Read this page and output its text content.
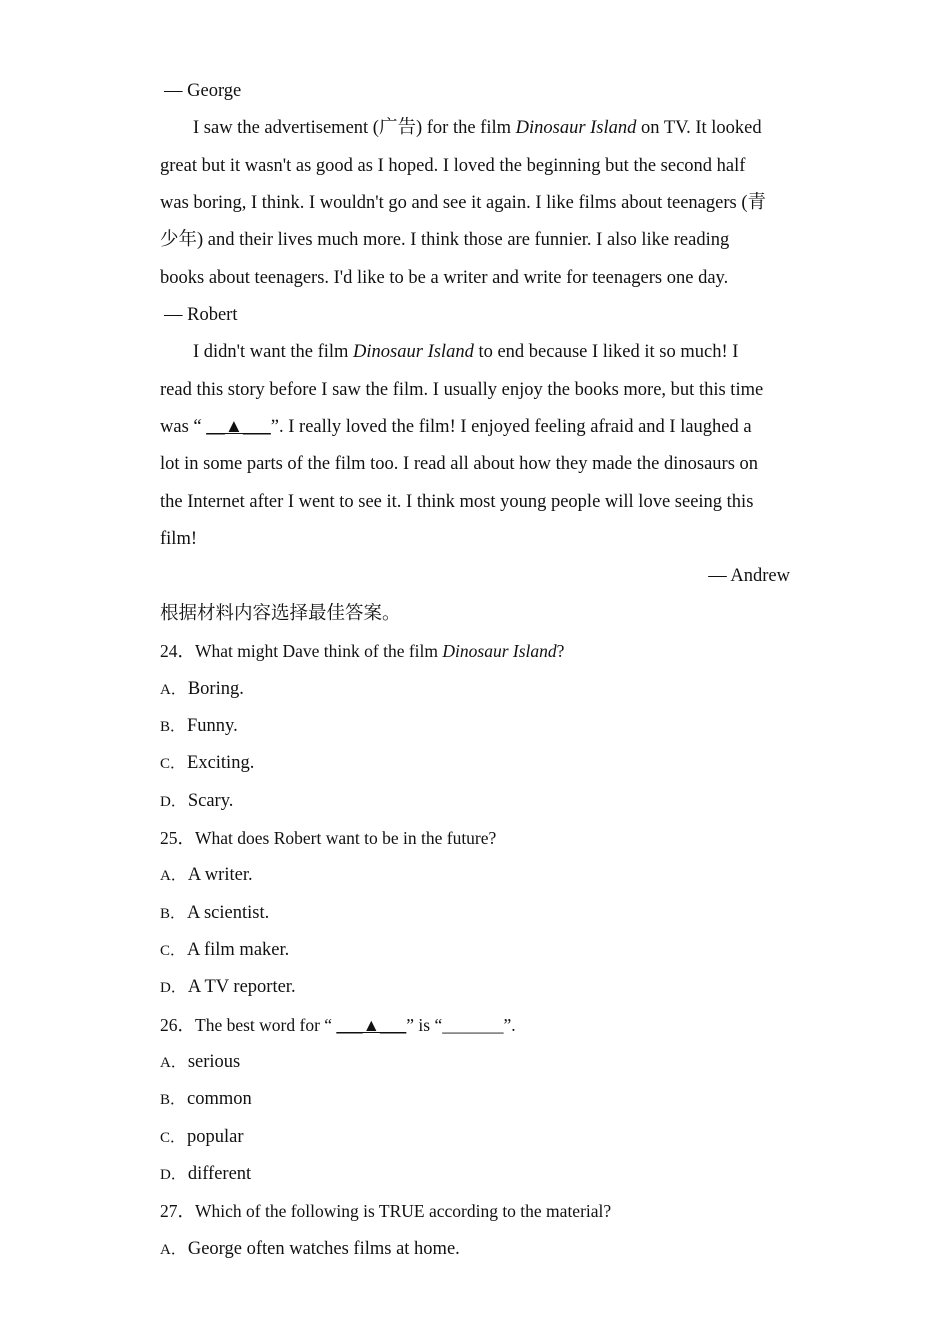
— George

I saw the advertisement (广告) for the film Dinosaur Island on TV. It looked

great but it wasn't as good as I hoped. I loved the beginning but the second half

was boring, I think. I wouldn't go and see it again. I like films about teenagers (青

少年) and their lives much more. I think those are funnier. I also like reading

books about teenagers. I'd like to be a writer and write for teenagers one day.

— Robert

I didn't want the film Dinosaur Island to end because I liked it so much! I

read this story before I saw the film. I usually enjoy the books more, but this time

was “ __▲___”. I really loved the film! I enjoyed feeling afraid and I laughed a

lot in some parts of the film too. I read all about how they made the dinosaurs on

the Internet after I went to see it. I think most young people will love seeing this

film!

— Andrew

根据材料内容选择最佳答案。

24．What might Dave think of the film Dinosaur Island?

A． Boring.

B． Funny.

C． Exciting.

D． Scary.

25．What does Robert want to be in the future?

A． A writer.

B． A scientist.

C． A film maker.

D． A TV reporter.

26．The best word for “ ___▲___” is “_______”.

A． serious

B． common

C． popular

D． different

27．Which of the following is TRUE according to the material?

A． George often watches films at home.
